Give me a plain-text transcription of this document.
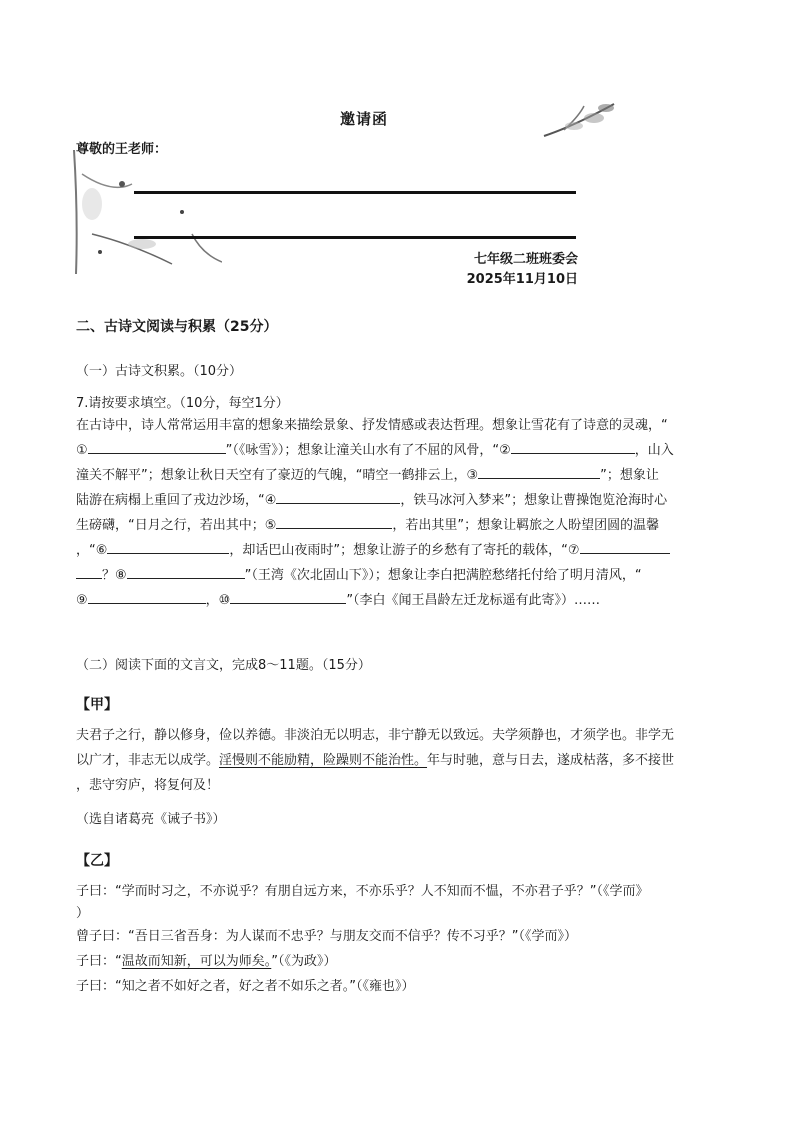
邀请函
尊敬的王老师：
七年级二班班委会
2025年11月10日
二、古诗文阅读与积累（25分）
（一）古诗文积累。（10分）
7.请按要求填空。（10分，每空1分）

在古诗中，诗人常常运用丰富的想象来描绘景象、抒发情感或表达哲理。想象让雪花有了诗意的灵魂，“

①	”（《咏雪》）；想象让潼关山水有了不屈的风骨，“②	，山入

潼关不解平”；想象让秋日天空有了豪迈的气魄，“晴空一鹤排云上，③	”；想象让

陆游在病榻上重回了戎边沙场，“④	，铁马冰河入梦来”；想象让曹操饱览沧海时心

生磅礴，“日月之行，若出其中；⑤	，若出其里”；想象让羁旅之人盼望团圆的温馨

，“⑥	，却话巴山夜雨时”；想象让游子的乡愁有了寄托的载体，“⑦

？⑧	”（王湾《次北固山下》）；想象让李白把满腔愁绪托付给了明月清风，“

⑨	，⑩	”（李白《闻王昌龄左迁龙标遥有此寄》）……

（二）阅读下面的文言文，完成8～11题。（15分）
【甲】

夫君子之行，静以修身，俭以养德。非淡泊无以明志，非宁静无以致远。夫学须静也，才须学也。非学无

以广才，非志无以成学。淫慢则不能励精，险躁则不能治性。年与时驰，意与日去，遂成枯落，多不接世

，悲守穷庐，将复何及！

（选自诸葛亮《诫子书》）
【乙】

子曰：“学而时习之，不亦说乎？有朋自远方来，不亦乐乎？人不知而不愠，不亦君子乎？”（《学而》

）

曾子曰：“吾日三省吾身：为人谋而不忠乎？与朋友交而不信乎？传不习乎？”（《学而》）

子曰：“温故而知新，可以为师矣。”（《为政》）

子曰：“知之者不如好之者，好之者不如乐之者。”（《雍也》）
